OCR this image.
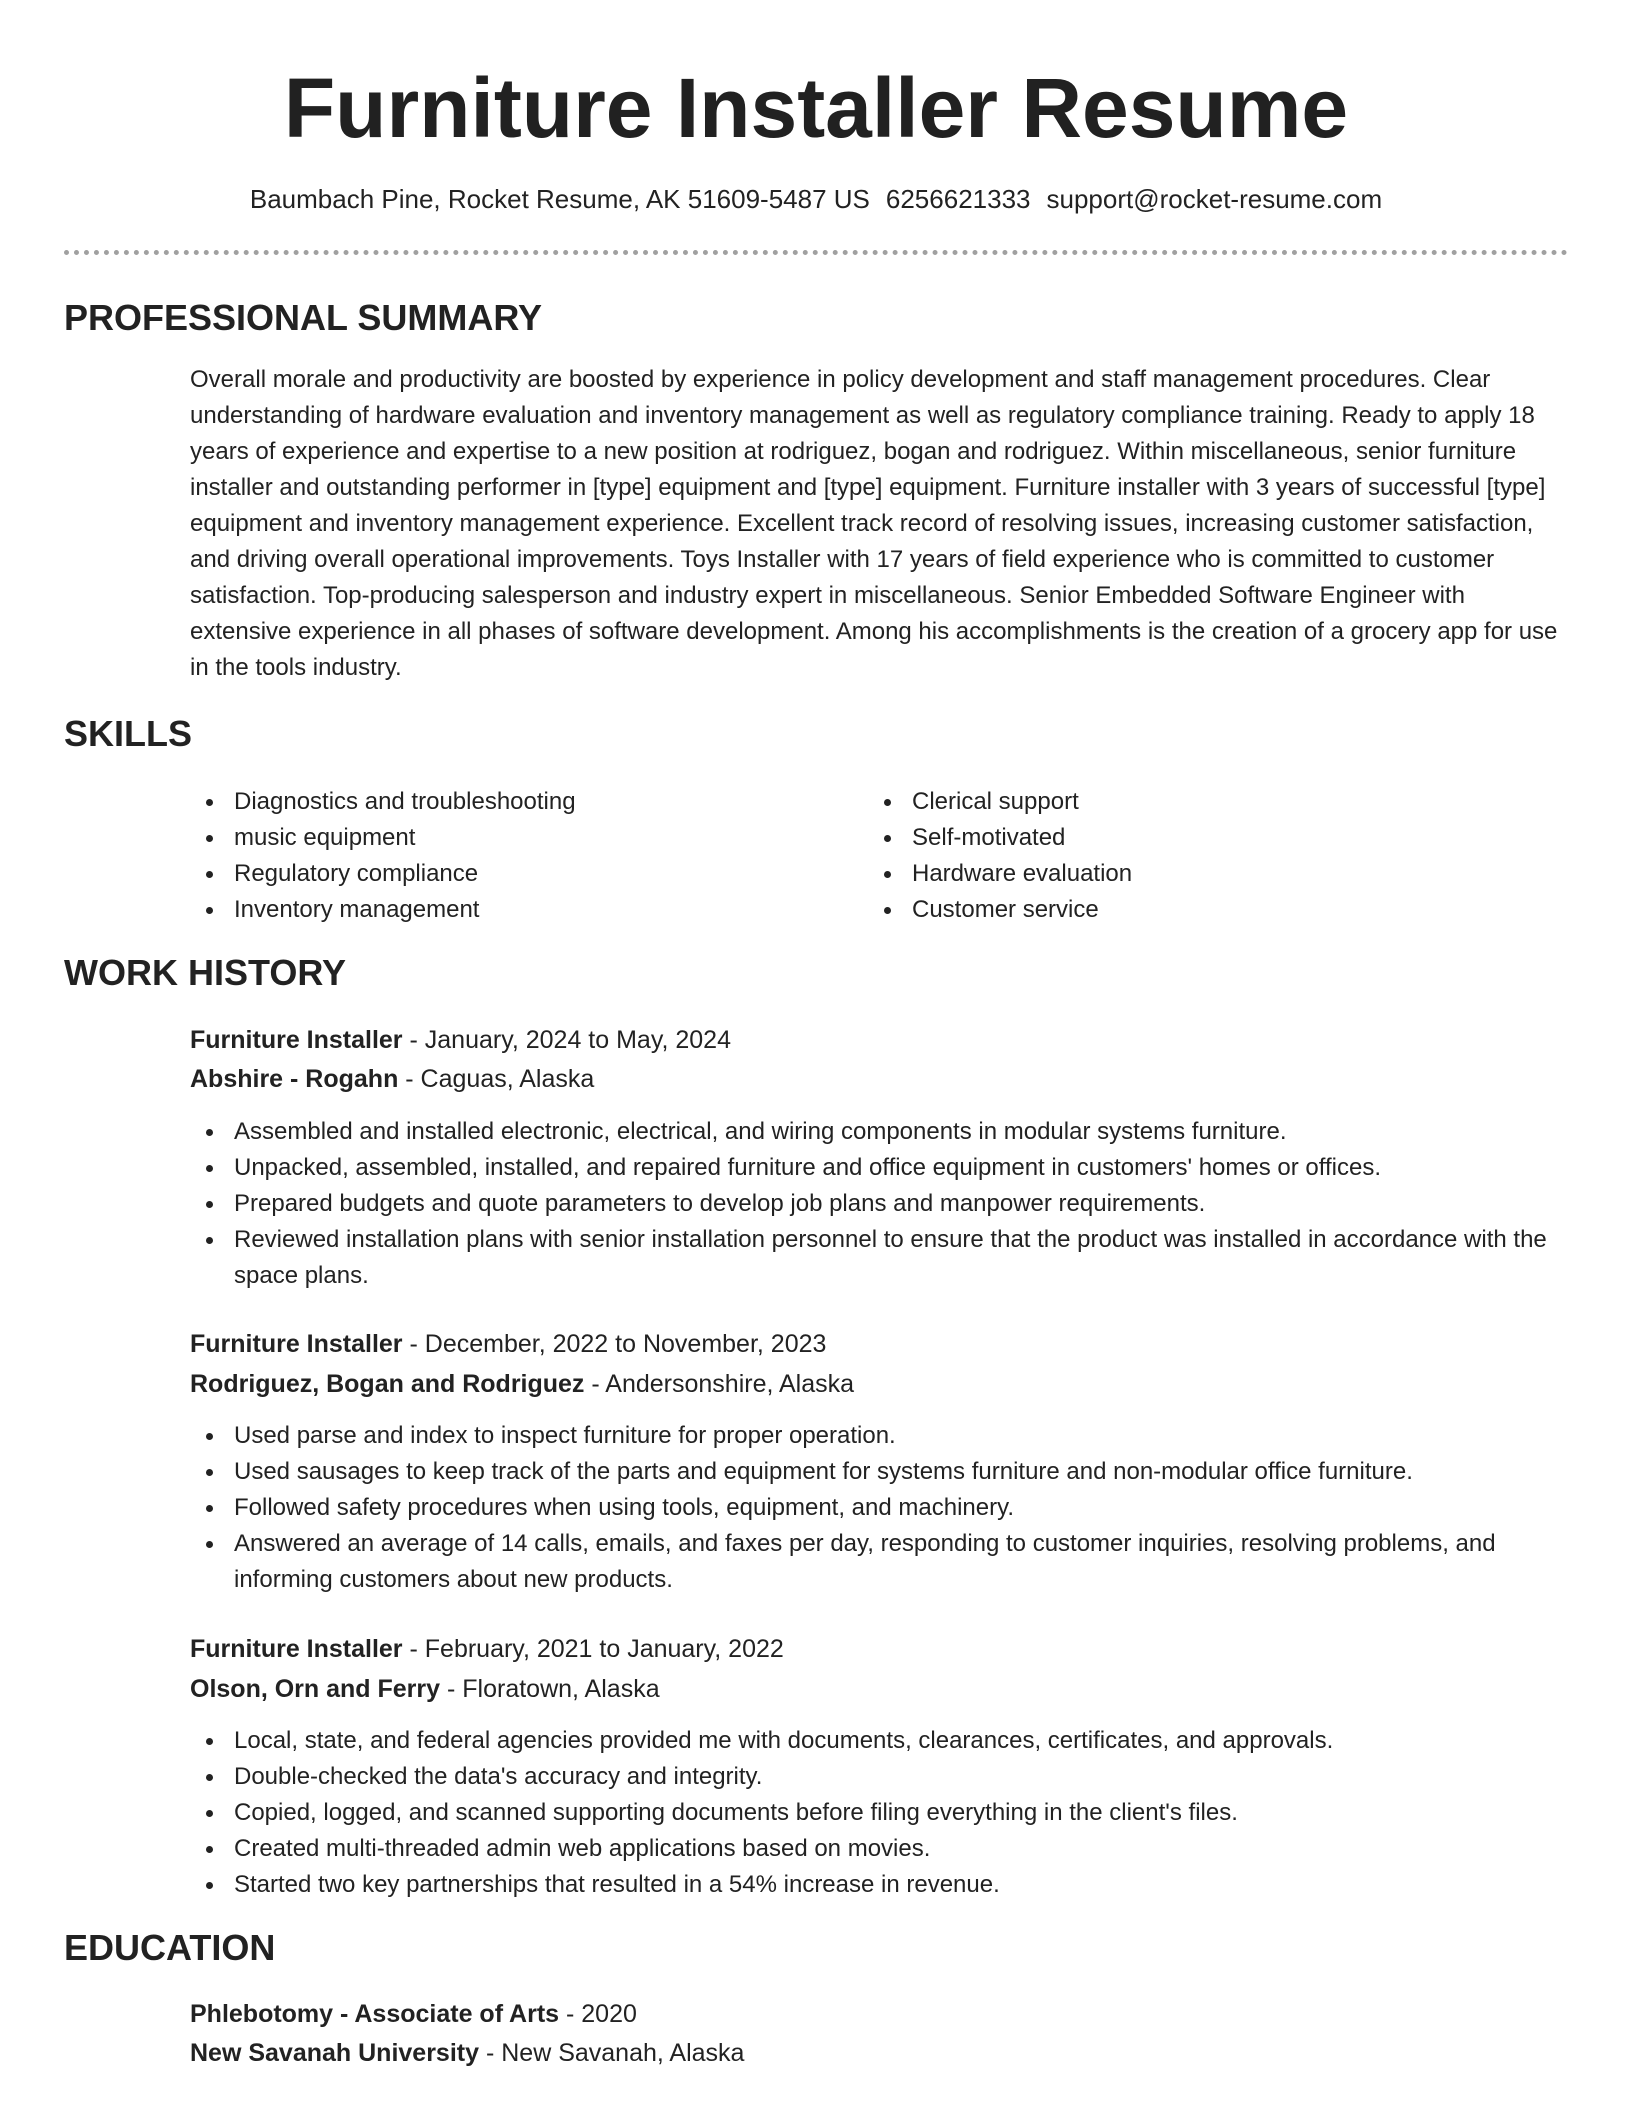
Furniture Installer Resume
Baumbach Pine, Rocket Resume, AK 51609-5487 US 6256621333 support@rocket-resume.com
PROFESSIONAL SUMMARY

Overall morale and productivity are boosted by experience in policy development and staff management procedures. Clear understanding of hardware evaluation and inventory management as well as regulatory compliance training. Ready to apply 18 years of experience and expertise to a new position at rodriguez, bogan and rodriguez. Within miscellaneous, senior furniture installer and outstanding performer in [type] equipment and [type] equipment. Furniture installer with 3 years of successful [type] equipment and inventory management experience. Excellent track record of resolving issues, increasing customer satisfaction, and driving overall operational improvements. Toys Installer with 17 years of field experience who is committed to customer satisfaction. Top-producing salesperson and industry expert in miscellaneous. Senior Embedded Software Engineer with extensive experience in all phases of software development. Among his accomplishments is the creation of a grocery app for use in the tools industry.

SKILLS
Diagnostics and troubleshooting
music equipment
Regulatory compliance
Inventory management
Clerical support
Self-motivated
Hardware evaluation
Customer service
WORK HISTORY
Furniture Installer - January, 2024 to May, 2024
Abshire - Rogahn - Caguas, Alaska
Assembled and installed electronic, electrical, and wiring components in modular systems furniture.
Unpacked, assembled, installed, and repaired furniture and office equipment in customers' homes or offices.
Prepared budgets and quote parameters to develop job plans and manpower requirements.
Reviewed installation plans with senior installation personnel to ensure that the product was installed in accordance with the space plans.
Furniture Installer - December, 2022 to November, 2023
Rodriguez, Bogan and Rodriguez - Andersonshire, Alaska
Used parse and index to inspect furniture for proper operation.
Used sausages to keep track of the parts and equipment for systems furniture and non-modular office furniture.
Followed safety procedures when using tools, equipment, and machinery.
Answered an average of 14 calls, emails, and faxes per day, responding to customer inquiries, resolving problems, and informing customers about new products.
Furniture Installer - February, 2021 to January, 2022
Olson, Orn and Ferry - Floratown, Alaska
Local, state, and federal agencies provided me with documents, clearances, certificates, and approvals.
Double-checked the data's accuracy and integrity.
Copied, logged, and scanned supporting documents before filing everything in the client's files.
Created multi-threaded admin web applications based on movies.
Started two key partnerships that resulted in a 54% increase in revenue.
EDUCATION
Phlebotomy - Associate of Arts - 2020
New Savanah University - New Savanah, Alaska
